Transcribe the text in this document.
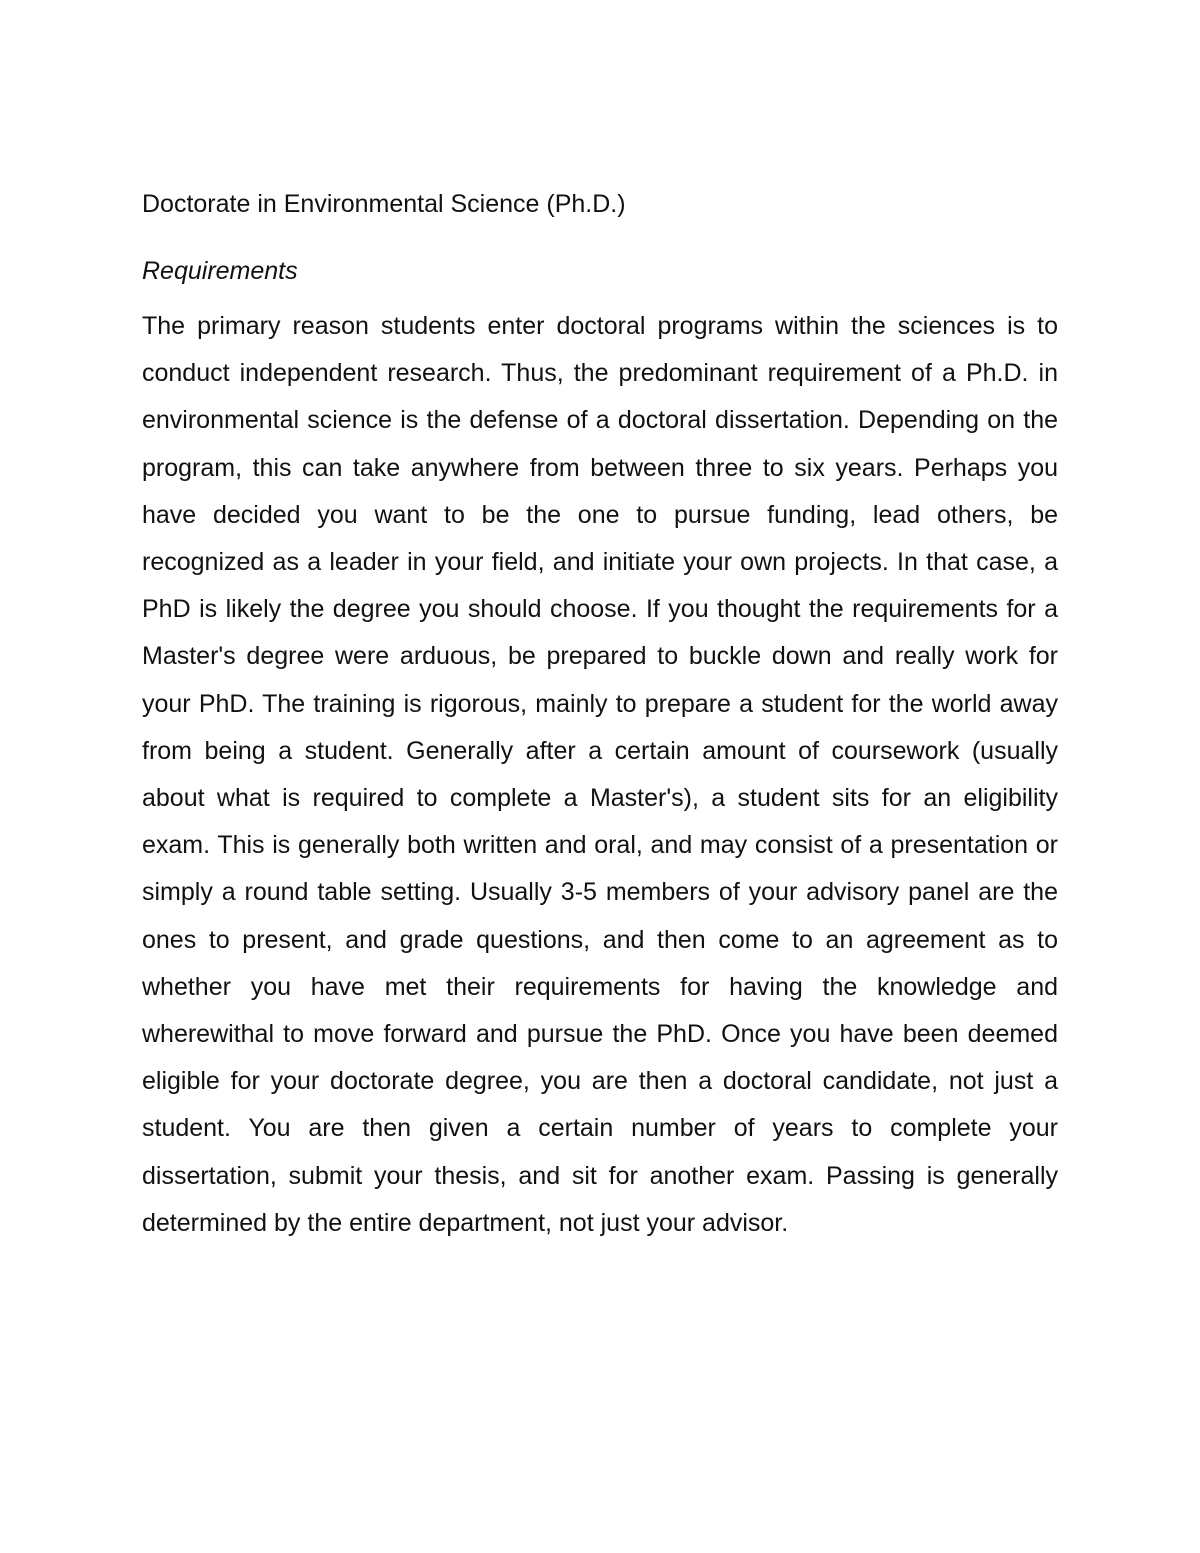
Doctorate in Environmental Science (Ph.D.)
Requirements

The primary reason students enter doctoral programs within the sciences is to conduct independent research. Thus, the predominant requirement of a Ph.D. in environmental science is the defense of a doctoral dissertation. Depending on the program, this can take anywhere from between three to six years. Perhaps you have decided you want to be the one to pursue funding, lead others, be recognized as a leader in your field, and initiate your own projects. In that case, a PhD is likely the degree you should choose. If you thought the requirements for a Master's degree were arduous, be prepared to buckle down and really work for your PhD. The training is rigorous, mainly to prepare a student for the world away from being a student. Generally after a certain amount of coursework (usually about what is required to complete a Master's), a student sits for an eligibility exam. This is generally both written and oral, and may consist of a presentation or simply a round table setting. Usually 3-5 members of your advisory panel are the ones to present, and grade questions, and then come to an agreement as to whether you have met their requirements for having the knowledge and wherewithal to move forward and pursue the PhD. Once you have been deemed eligible for your doctorate degree, you are then a doctoral candidate, not just a student. You are then given a certain number of years to complete your dissertation, submit your thesis, and sit for another exam. Passing is generally determined by the entire department, not just your advisor.
